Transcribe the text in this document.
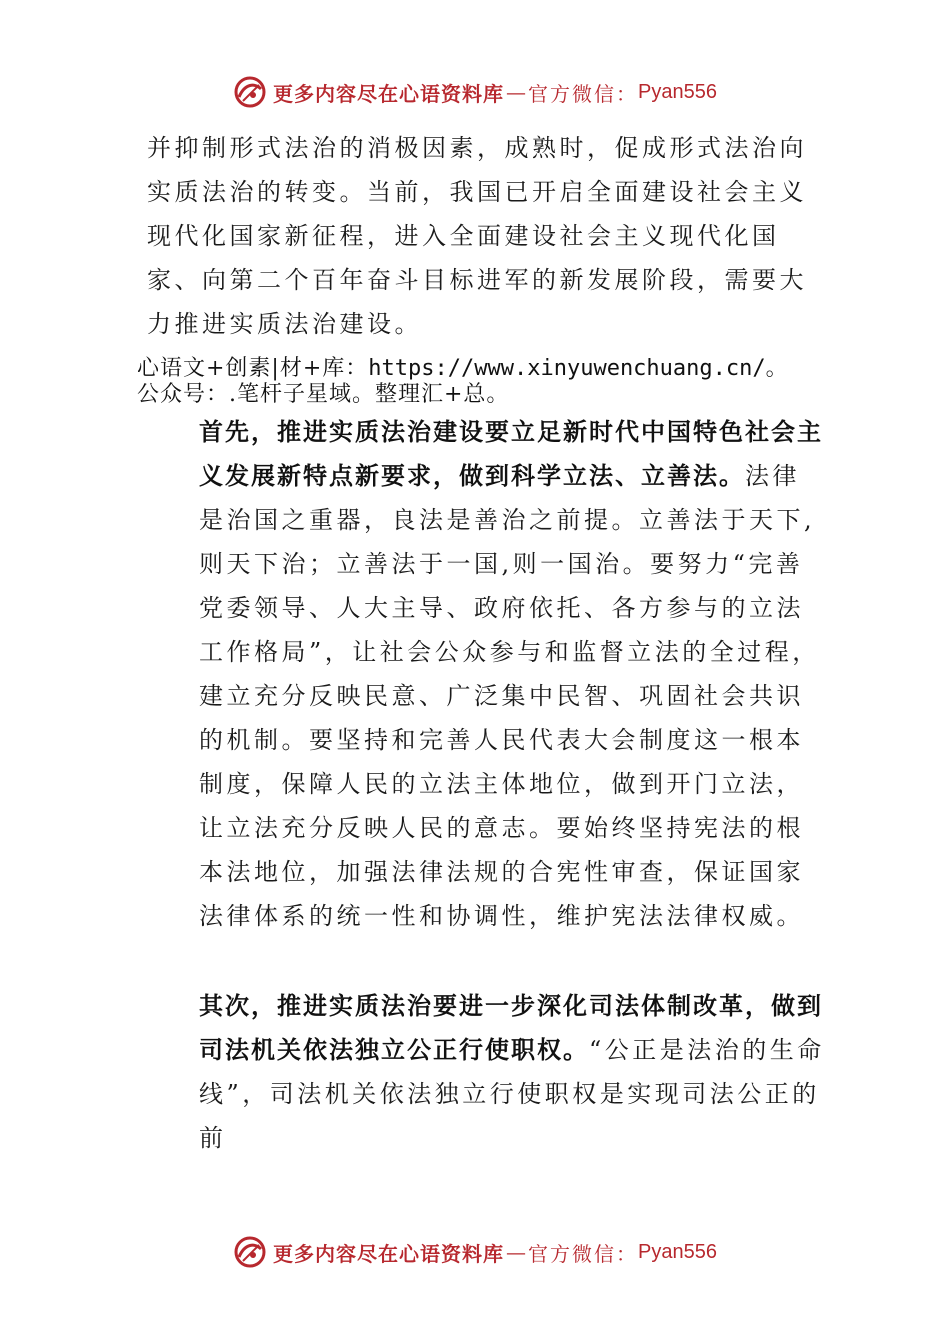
更多内容尽在心语资料库 — 官方微信： Pyan556

并抑制形式法治的消极因素，成熟时，促成形式法治向实质法治的转变。当前，我国已开启全面建设社会主义现代化国家新征程，进入全面建设社会主义现代化国家、向第二个百年奋斗目标进军的新发展阶段，需要大力推进实质法治建设。

心语文+创素|材+库：https://www.xinyuwenchuang.cn/。
公众号：.笔杆子星域。整理汇+总。

首先，推进实质法治建设要立足新时代中国特色社会主义发展新特点新要求，做到科学立法、立善法。法律是治国之重器，良法是善治之前提。立善法于天下,则天下治；立善法于一国,则一国治。要努力“完善党委领导、人大主导、政府依托、各方参与的立法工作格局”，让社会公众参与和监督立法的全过程，建立充分反映民意、广泛集中民智、巩固社会共识的机制。要坚持和完善人民代表大会制度这一根本制度，保障人民的立法主体地位，做到开门立法，让立法充分反映人民的意志。要始终坚持宪法的根本法地位，加强法律法规的合宪性审查，保证国家法律体系的统一性和协调性，维护宪法法律权威。

其次，推进实质法治要进一步深化司法体制改革，做到司法机关依法独立公正行使职权。“公正是法治的生命线”，司法机关依法独立行使职权是实现司法公正的前

更多内容尽在心语资料库 — 官方微信： Pyan556
